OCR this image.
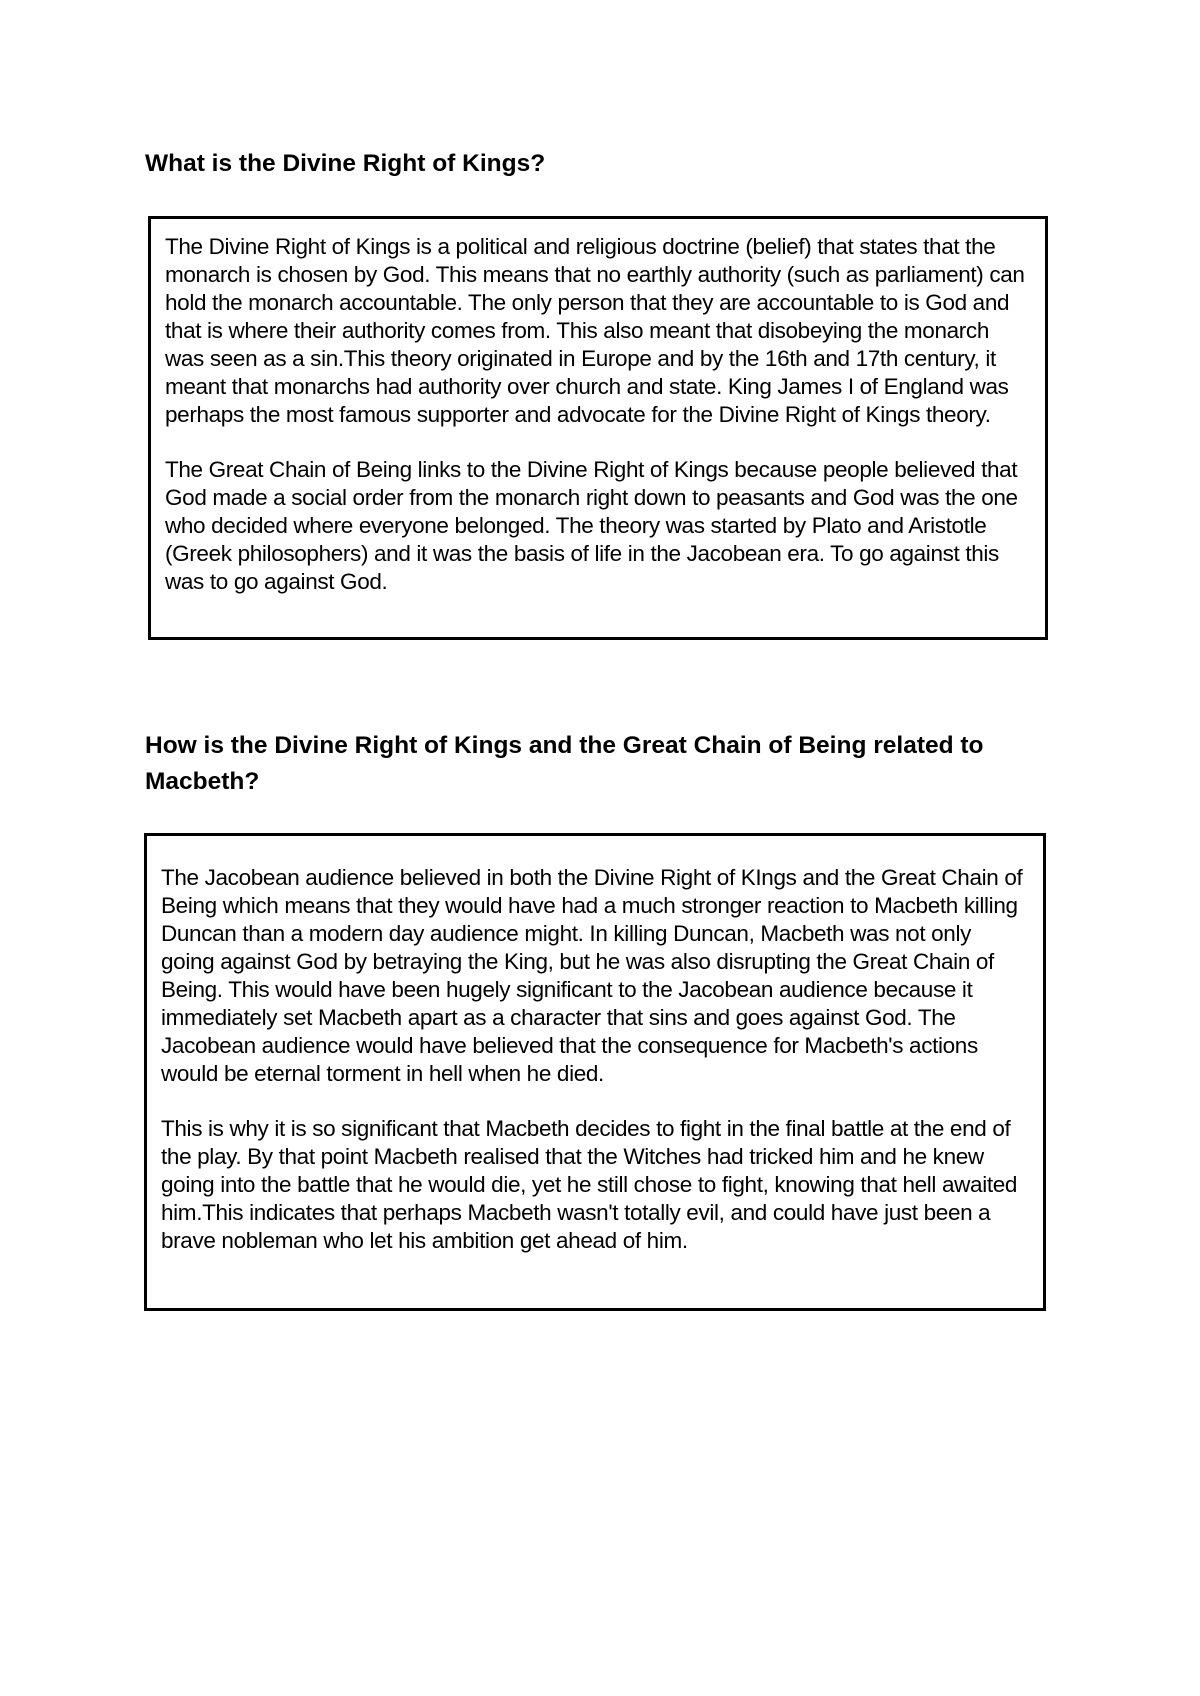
What is the Divine Right of Kings?

The Divine Right of Kings is a political and religious doctrine (belief) that states that the monarch is chosen by God. This means that no earthly authority (such as parliament) can hold the monarch accountable. The only person that they are accountable to is God and that is where their authority comes from. This also meant that disobeying the monarch was seen as a sin.This theory originated in Europe and by the 16th and 17th century, it meant that monarchs had authority over church and state. King James I of England was perhaps the most famous supporter and advocate for the Divine Right of Kings theory.

The Great Chain of Being links to the Divine Right of Kings because people believed that God made a social order from the monarch right down to peasants and God was the one who decided where everyone belonged. The theory was started by Plato and Aristotle (Greek philosophers) and it was the basis of life in the Jacobean era. To go against this was to go against God.

How is the Divine Right of Kings and the Great Chain of Being related to Macbeth?

The Jacobean audience believed in both the Divine Right of KIngs and the Great Chain of Being which means that they would have had a much stronger reaction to Macbeth killing Duncan than a modern day audience might. In killing Duncan, Macbeth was not only going against God by betraying the King, but he was also disrupting the Great Chain of Being. This would have been hugely significant to the Jacobean audience because it immediately set Macbeth apart as a character that sins and goes against God. The Jacobean audience would have believed that the consequence for Macbeth's actions would be eternal torment in hell when he died.

This is why it is so significant that Macbeth decides to fight in the final battle at the end of the play. By that point Macbeth realised that the Witches had tricked him and he knew going into the battle that he would die, yet he still chose to fight, knowing that hell awaited him.This indicates that perhaps Macbeth wasn't totally evil, and could have just been a brave nobleman who let his ambition get ahead of him.
